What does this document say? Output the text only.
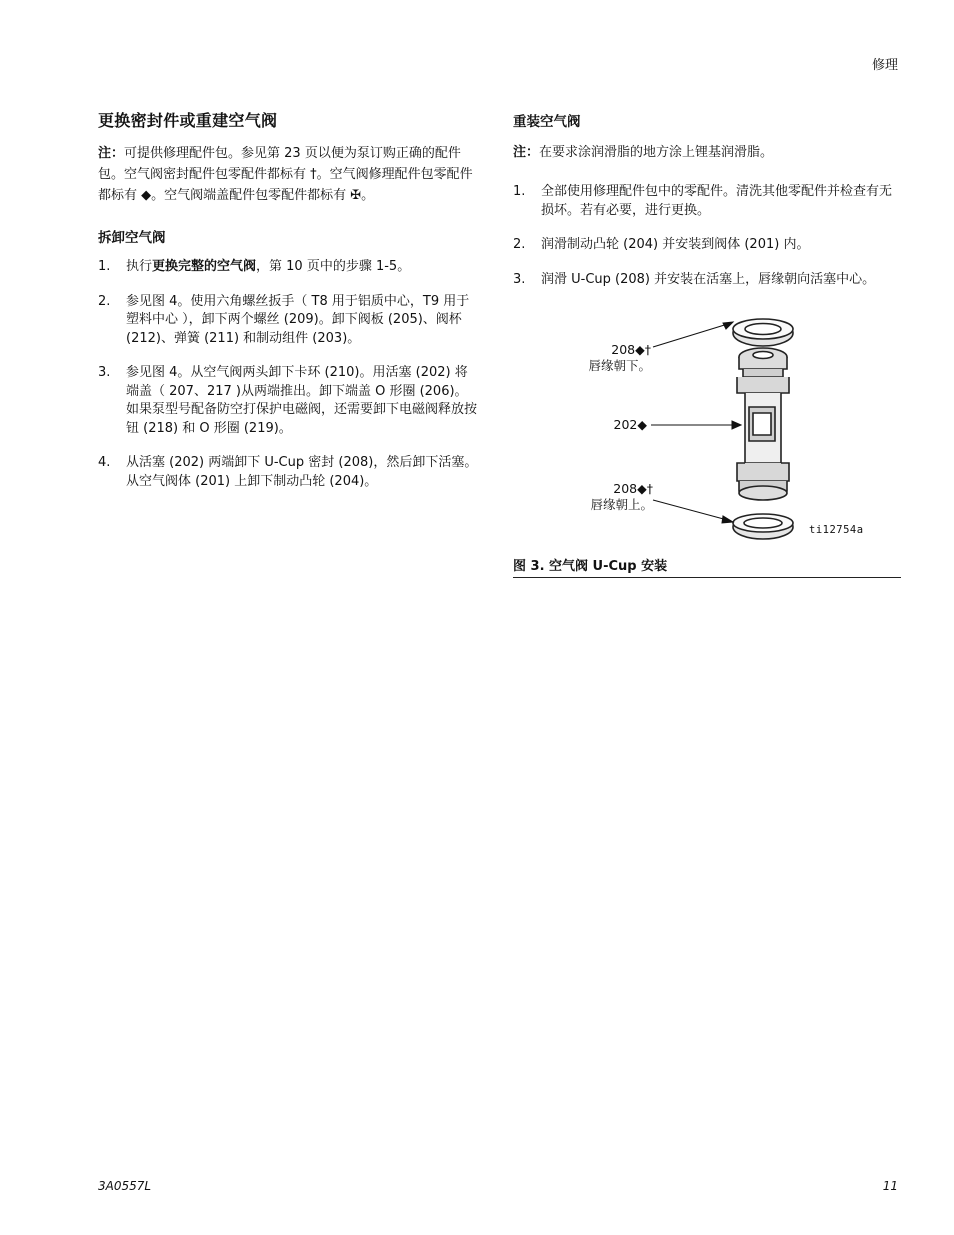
修理
更换密封件或重建空气阀

注：可提供修理配件包。参见第 23 页以便为泵订购正确的配件包。空气阀密封配件包零配件都标有 †。空气阀修理配件包零配件都标有 ◆。空气阀端盖配件包零配件都标有 ✠。

拆卸空气阀
1. 执行更换完整的空气阀，第 10 页中的步骤 1-5。
2. 参见图 4。使用六角螺丝扳手（ T8 用于铝质中心，T9 用于塑料中心 ），卸下两个螺丝 (209)。卸下阀板 (205)、阀杯 (212)、弹簧 (211) 和制动组件 (203)。
3. 参见图 4。从空气阀两头卸下卡环 (210)。用活塞 (202) 将端盖（ 207、217 )从两端推出。卸下端盖 O 形圈 (206)。如果泵型号配备防空打保护电磁阀，还需要卸下电磁阀释放按钮 (218) 和 O 形圈 (219)。
4. 从活塞 (202) 两端卸下 U-Cup 密封 (208)，然后卸下活塞。从空气阀体 (201) 上卸下制动凸轮 (204)。
重装空气阀

注：在要求涂润滑脂的地方涂上锂基润滑脂。

1. 全部使用修理配件包中的零配件。清洗其他零配件并检查有无损坏。若有必要，进行更换。
2. 润滑制动凸轮 (204) 并安装到阀体 (201) 内。
3. 润滑 U-Cup (208) 并安装在活塞上，唇缘朝向活塞中心。
208◆†
唇缘朝下。
202◆
208◆†
唇缘朝上。
ti12754a
图 3. 空气阀 U-Cup 安装
3A0557L	11
